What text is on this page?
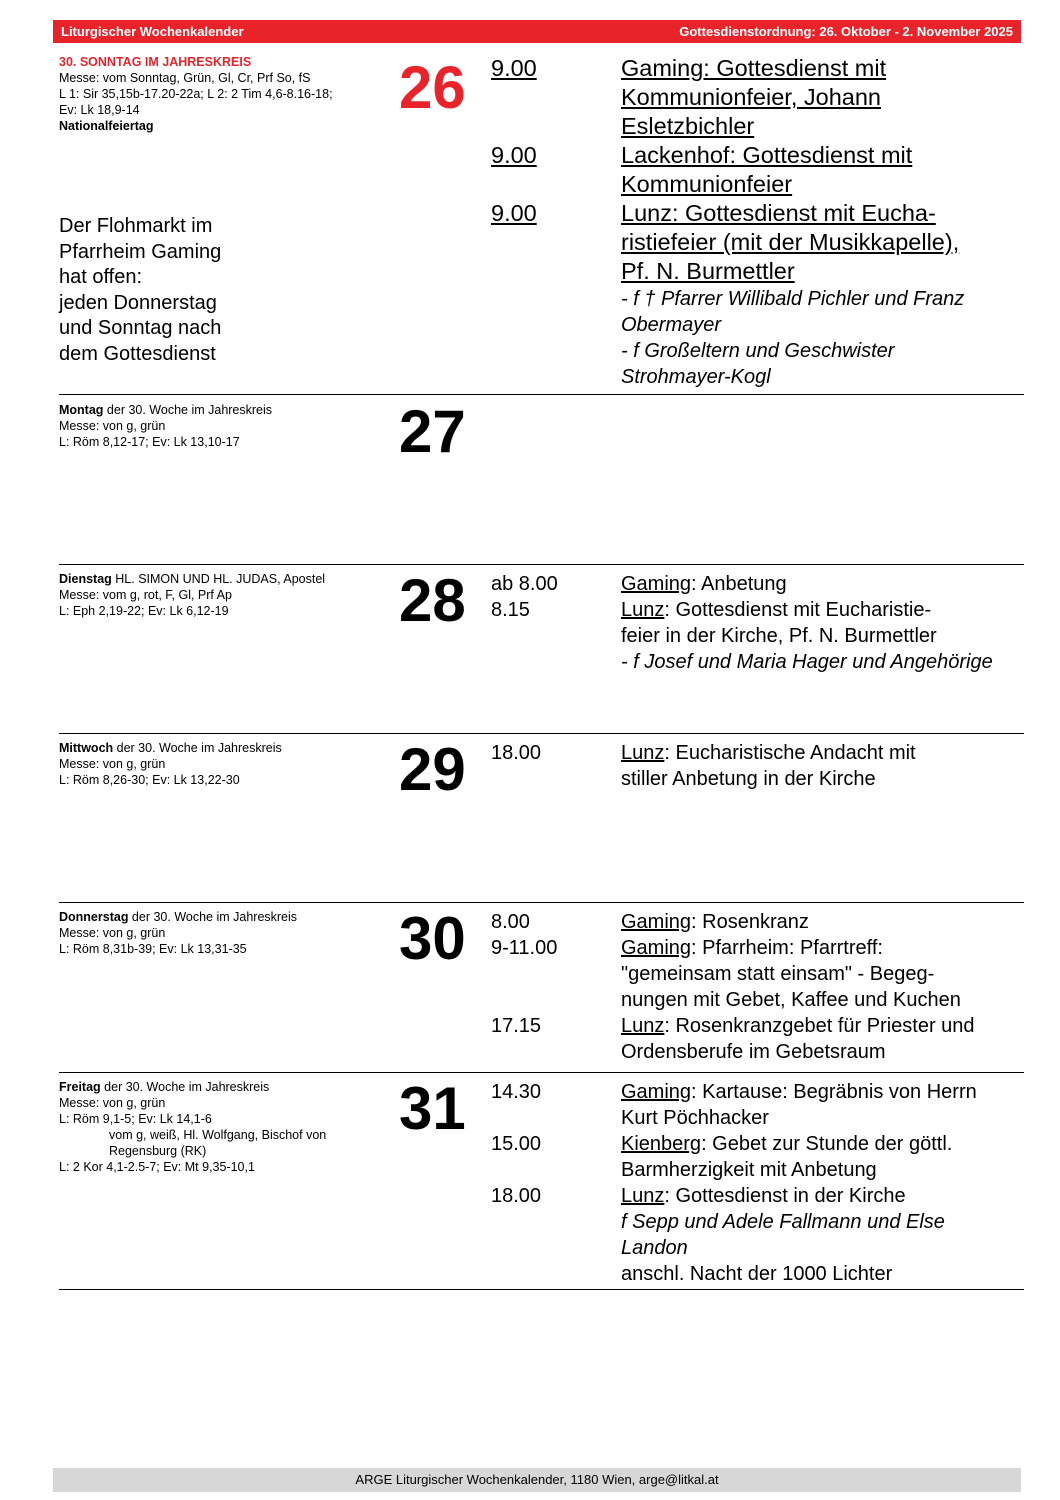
Liturgischer Wochenkalender	Gottesdienstordnung: 26. Oktober - 2. November 2025
30. SONNTAG IM JAHRESKREIS
Messe: vom Sonntag, Grün, Gl, Cr, Prf So, fS
L 1: Sir 35,15b-17.20-22a; L 2: 2 Tim 4,6-8.16-18;
Ev: Lk 18,9-14
Nationalfeiertag
Der Flohmarkt im
Pfarrheim Gaming
hat offen:
jeden Donnerstag
und Sonntag nach
dem Gottesdienst
26 9.00	Gaming: Gottesdienst mit
Kommunionfeier, Johann
Esletzbichler
9.00	Lackenhof: Gottesdienst mit
Kommunionfeier
9.00	Lunz: Gottesdienst mit Eucha-
ristiefeier (mit der Musikkapelle),
Pf. N. Burmettler
- f † Pfarrer Willibald Pichler und Franz
Obermayer
- f Großeltern und Geschwister
Strohmayer-Kogl
Montag der 30. Woche im Jahreskreis
Messe: von g, grün
L: Röm 8,12-17; Ev: Lk 13,10-17	27
Dienstag HL. SIMON UND HL. JUDAS, Apostel
Messe: vom g, rot, F, Gl, Prf Ap
L: Eph 2,19-22; Ev: Lk 6,12-19	28 ab 8.00	Gaming: Anbetung
8.15	Lunz: Gottesdienst mit Eucharistie-
feier in der Kirche, Pf. N. Burmettler
- f Josef und Maria Hager und Angehörige
Mittwoch der 30. Woche im Jahreskreis
Messe: von g, grün
L: Röm 8,26-30; Ev: Lk 13,22-30	29 18.00	Lunz: Eucharistische Andacht mit
stiller Anbetung in der Kirche
Donnerstag der 30. Woche im Jahreskreis
Messe: von g, grün
L: Röm 8,31b-39; Ev: Lk 13,31-35	30 8.00	Gaming: Rosenkranz
9-11.00	Gaming: Pfarrheim: Pfarrtreff:
"gemeinsam statt einsam" - Begeg-
nungen mit Gebet, Kaffee und Kuchen
17.15	Lunz: Rosenkranzgebet für Priester und
Ordensberufe im Gebetsraum
Freitag der 30. Woche im Jahreskreis
Messe: von g, grün
L: Röm 9,1-5; Ev: Lk 14,1-6
vom g, weiß, Hl. Wolfgang, Bischof von
Regensburg (RK)
L: 2 Kor 4,1-2.5-7; Ev: Mt 9,35-10,1
31 14.30	Gaming: Kartause: Begräbnis von Herrn
Kurt Pöchhacker
15.00	Kienberg: Gebet zur Stunde der göttl.
Barmherzigkeit mit Anbetung
18.00	Lunz: Gottesdienst in der Kirche
f Sepp und Adele Fallmann und Else
Landon
anschl. Nacht der 1000 Lichter
ARGE Liturgischer Wochenkalender, 1180 Wien, arge@litkal.at
